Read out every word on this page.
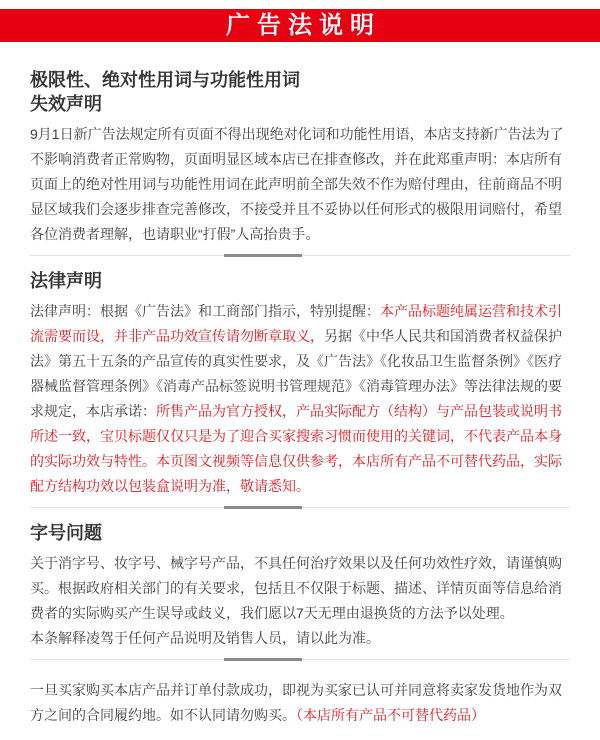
广告法说明
极限性、绝对性用词与功能性用词
失效声明

9月1日新广告法规定所有页面不得出现绝对化词和功能性用语，本店支持新广告法为了不影响消费者正常购物，页面明显区域本店已在排查修改，并在此郑重声明：本店所有页面上的绝对性用词与功能性用词在此声明前全部失效不作为赔付理由，往前商品不明显区域我们会逐步排查完善修改，不接受并且不妥协以任何形式的极限用词赔付，希望各位消费者理解，也请职业“打假”人高抬贵手。

法律声明

法律声明：根据《广告法》和工商部门指示，特别提醒：本产品标题纯属运营和技术引流需要而设，并非产品功效宣传请勿断章取义，另据《中华人民共和国消费者权益保护法》第五十五条的产品宣传的真实性要求，及《广告法》《化妆品卫生监督条例》《医疗器械监督管理条例》《消毒产品标签说明书管理规范》《消毒管理办法》等法律法规的要求规定，本店承诺：所售产品为官方授权，产品实际配方（结构）与产品包装或说明书所述一致，宝贝标题仅仅只是为了迎合买家搜索习惯而使用的关键词，不代表产品本身的实际功效与特性。本页图文视频等信息仅供参考，本店所有产品不可替代药品，实际配方结构功效以包装盒说明为准，敬请悉知。

字号问题

关于消字号、妆字号、械字号产品，不具任何治疗效果以及任何功效性疗效，请谨慎购买。根据政府相关部门的有关要求，包括且不仅限于标题、描述、详情页面等信息给消费者的实际购买产生误导或歧义，我们愿以7天无理由退换货的方法予以处理。

本条解释凌驾于任何产品说明及销售人员，请以此为准。

一旦买家购买本店产品并订单付款成功，即视为买家已认可并同意将卖家发货地作为双方之间的合同履约地。如不认同请勿购买。（本店所有产品不可替代药品）
